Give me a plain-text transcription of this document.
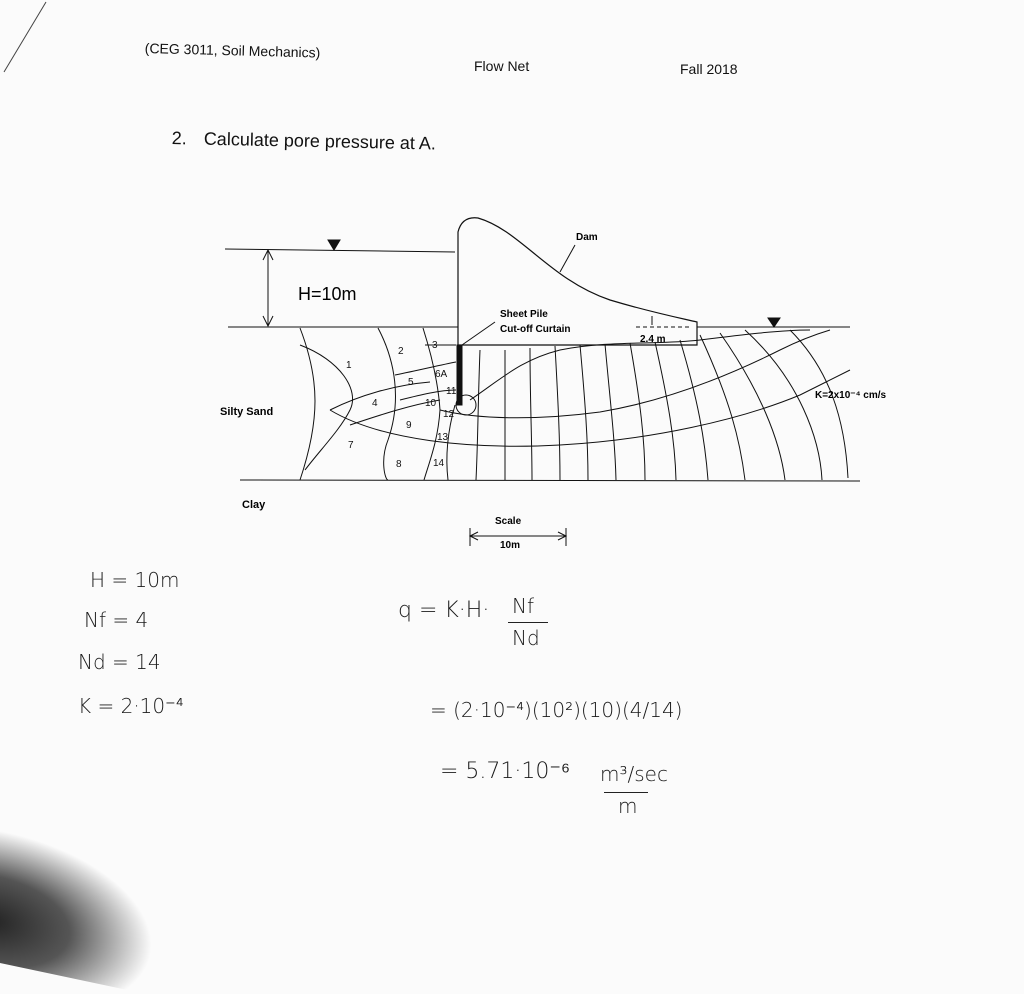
(CEG 3011, Soil Mechanics)
Flow Net	Fall 2018
2. Calculate pore pressure at A.
Dam
H=10m
Sheet Pile
Cut-off Curtain
2.4 m
K=2x10⁻⁴ cm/s
Silty Sand
Clay
Scale
10m
1
2
3
4
5
6A
7
8
9
10
11
12
13
14
H = 10m
Nf = 4
Nd = 14
K = 2·10⁻⁴
q = K·H· Nf
Nd
= (2·10⁻⁴)(10²)(10)(4/14)
= 5.71·10⁻⁶ m³/sec
m
